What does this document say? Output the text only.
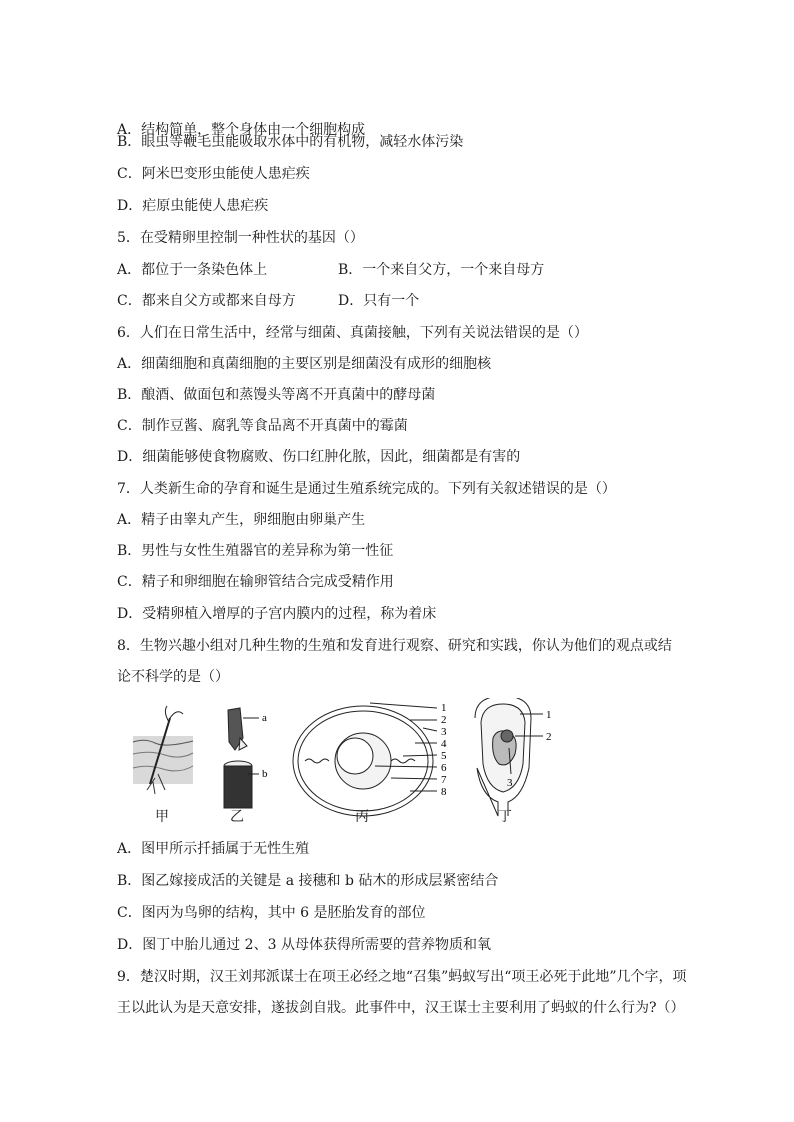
A．结构简单，整个身体由一个细胞构成
B．眼虫等鞭毛虫能吸取水体中的有机物，减轻水体污染
C．阿米巴变形虫能使人患疟疾
D．疟原虫能使人患疟疾
5．在受精卵里控制一种性状的基因（）
A．都位于一条染色体上	B．一个来自父方，一个来自母方
C．都来自父方或都来自母方	D．只有一个
6．人们在日常生活中，经常与细菌、真菌接触，下列有关说法错误的是（）
A．细菌细胞和真菌细胞的主要区别是细菌没有成形的细胞核
B．酿酒、做面包和蒸馒头等离不开真菌中的酵母菌
C．制作豆酱、腐乳等食品离不开真菌中的霉菌
D．细菌能够使食物腐败、伤口红肿化脓，因此，细菌都是有害的
7．人类新生命的孕育和诞生是通过生殖系统完成的。下列有关叙述错误的是（）
A．精子由睾丸产生，卵细胞由卵巢产生
B．男性与女性生殖器官的差异称为第一性征
C．精子和卵细胞在输卵管结合完成受精作用
D．受精卵植入增厚的子宫内膜内的过程，称为着床
8．生物兴趣小组对几种生物的生殖和发育进行观察、研究和实践，你认为他们的观点或结
论不科学的是（）
a
b
1
2
3
4
5
6
7
8
1
2
3
甲	乙	丙	丁
A．图甲所示扦插属于无性生殖
B．图乙嫁接成活的关键是 a 接穗和 b 砧木的形成层紧密结合
C．图丙为鸟卵的结构，其中 6 是胚胎发育的部位
D．图丁中胎儿通过 2、3 从母体获得所需要的营养物质和氧
9．楚汉时期，汉王刘邦派谋士在项王必经之地“召集”蚂蚁写出“项王必死于此地”几个字，项
王以此认为是天意安排，遂拔剑自戕。此事件中，汉王谋士主要利用了蚂蚁的什么行为?（）
